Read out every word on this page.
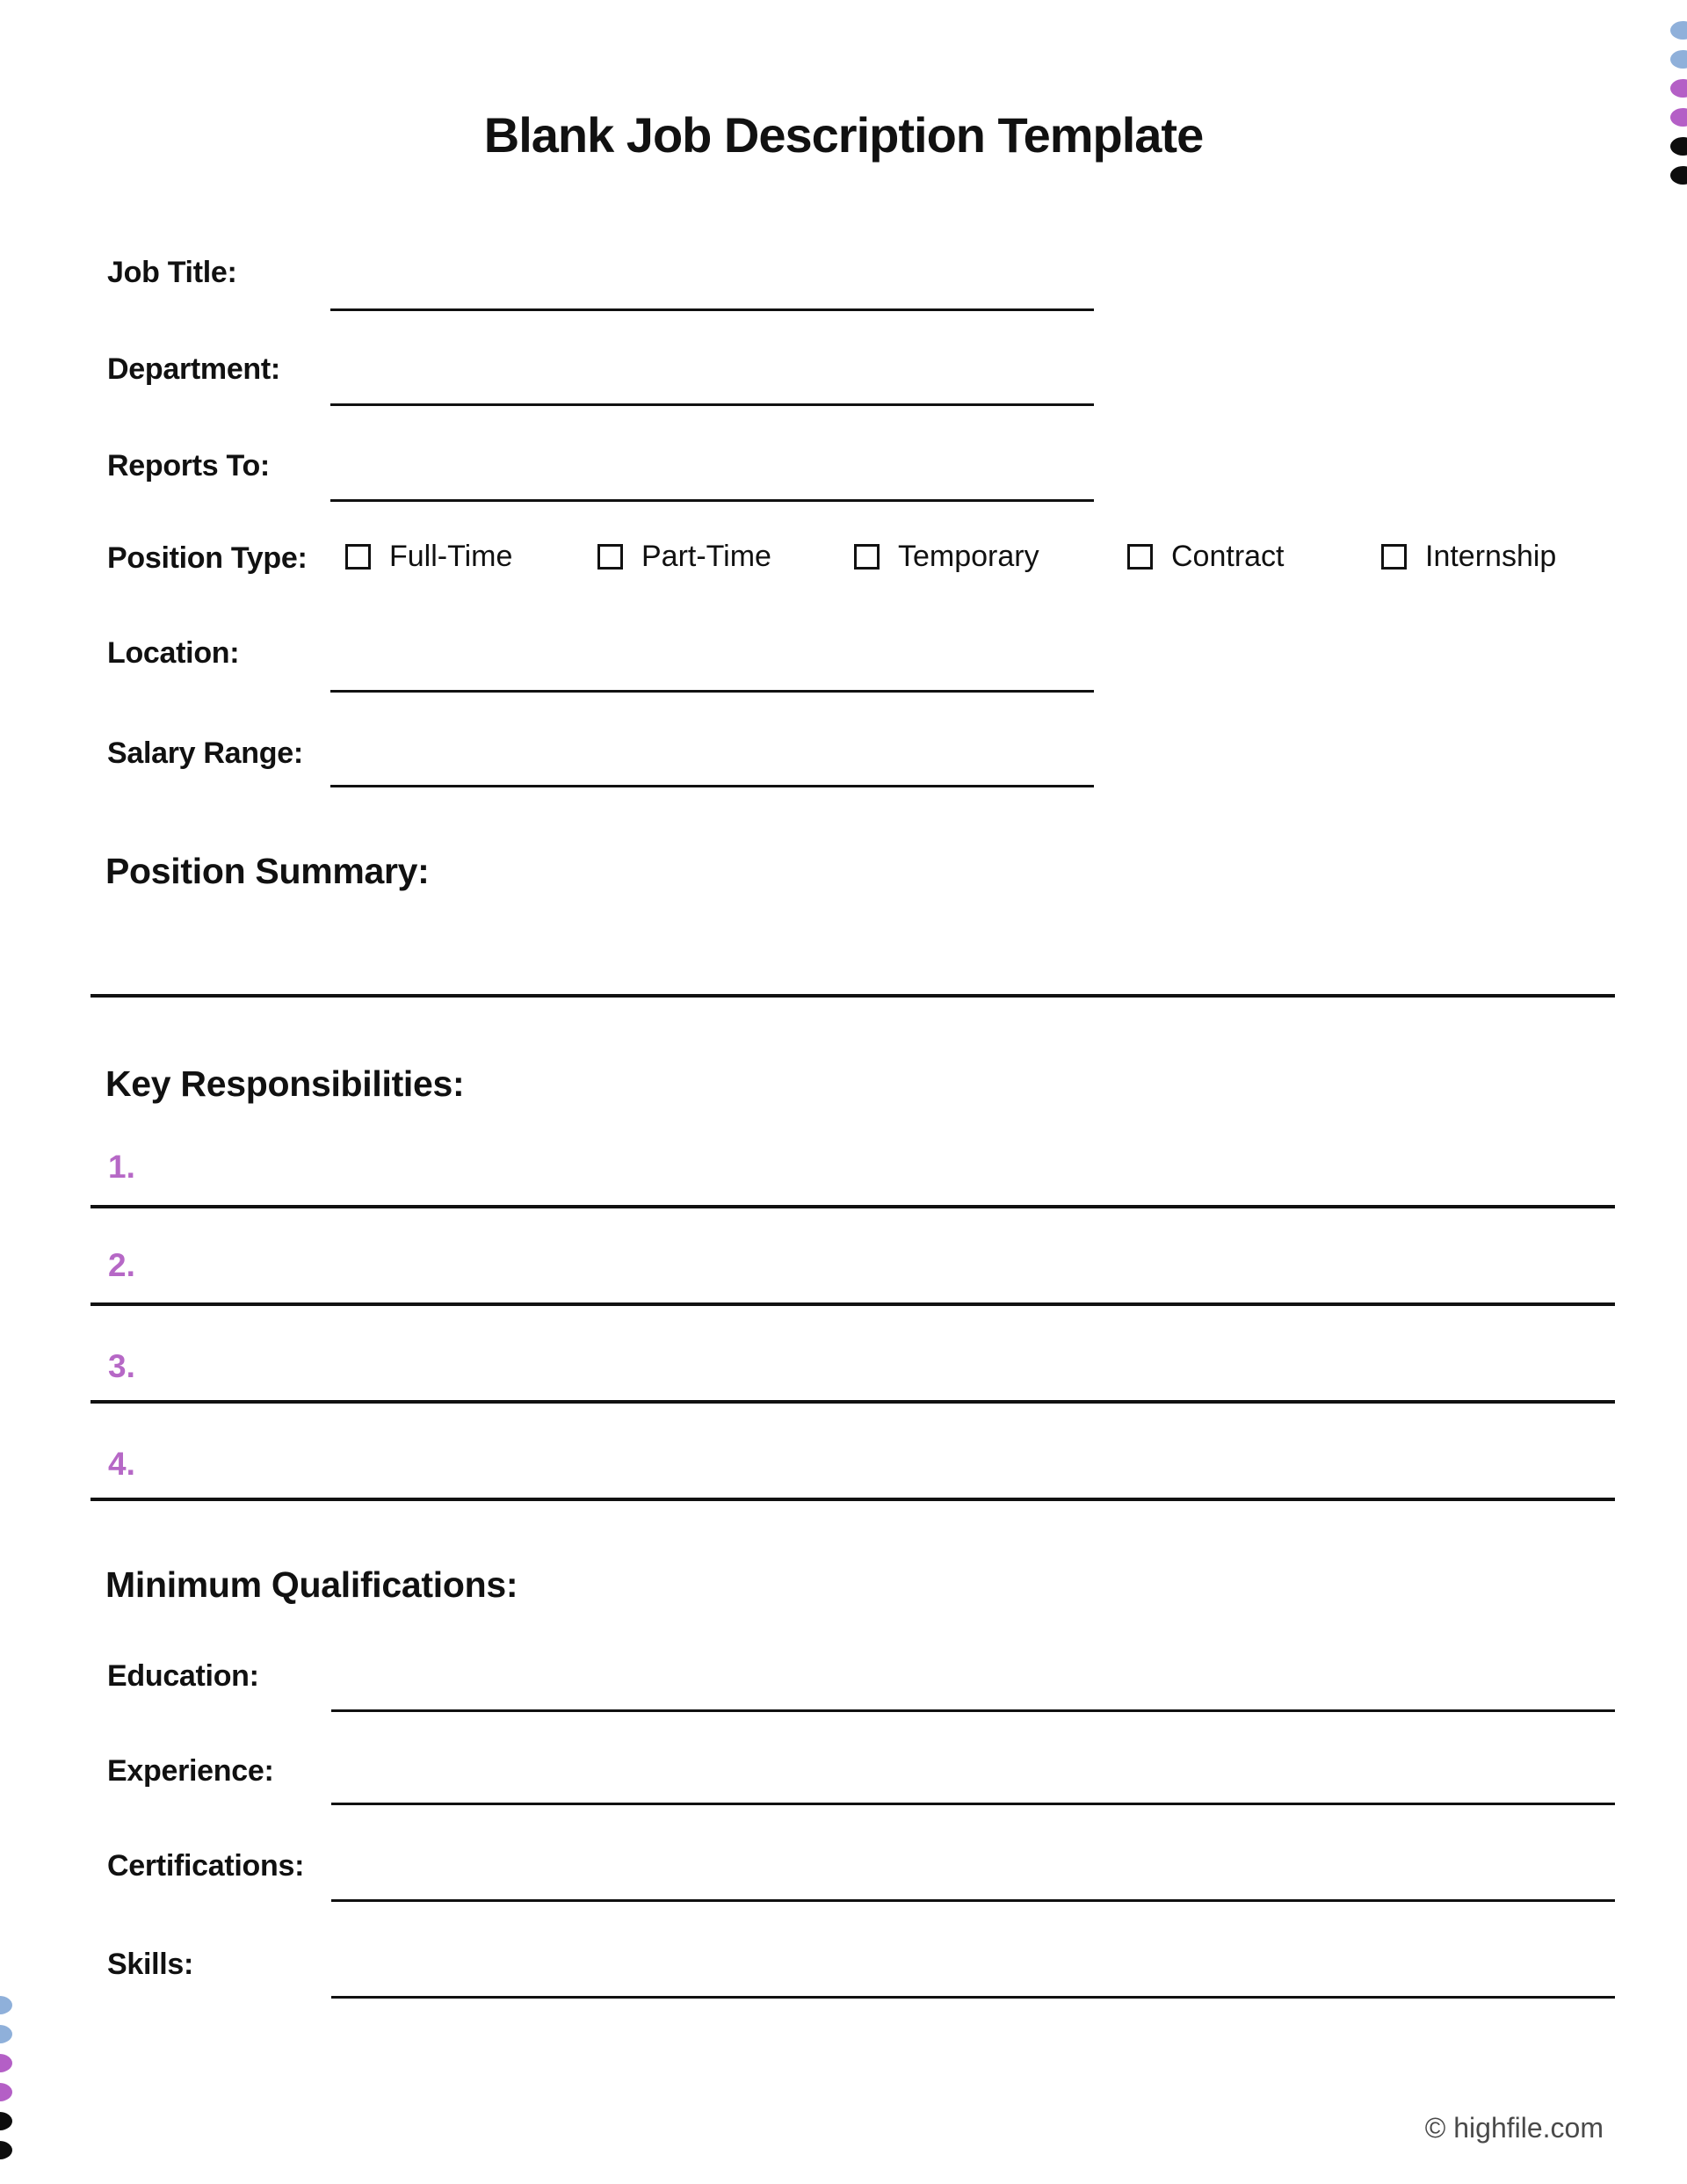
Blank Job Description Template
Job Title:
Department:
Reports To:
Position Type:	Full-Time	Part-Time	Temporary	Contract	Internship
Location:
Salary Range:
Position Summary:
Key Responsibilities:
1.
2.
3.
4.
Minimum Qualifications:
Education:
Experience:
Certifications:
Skills:
© highfile.com
